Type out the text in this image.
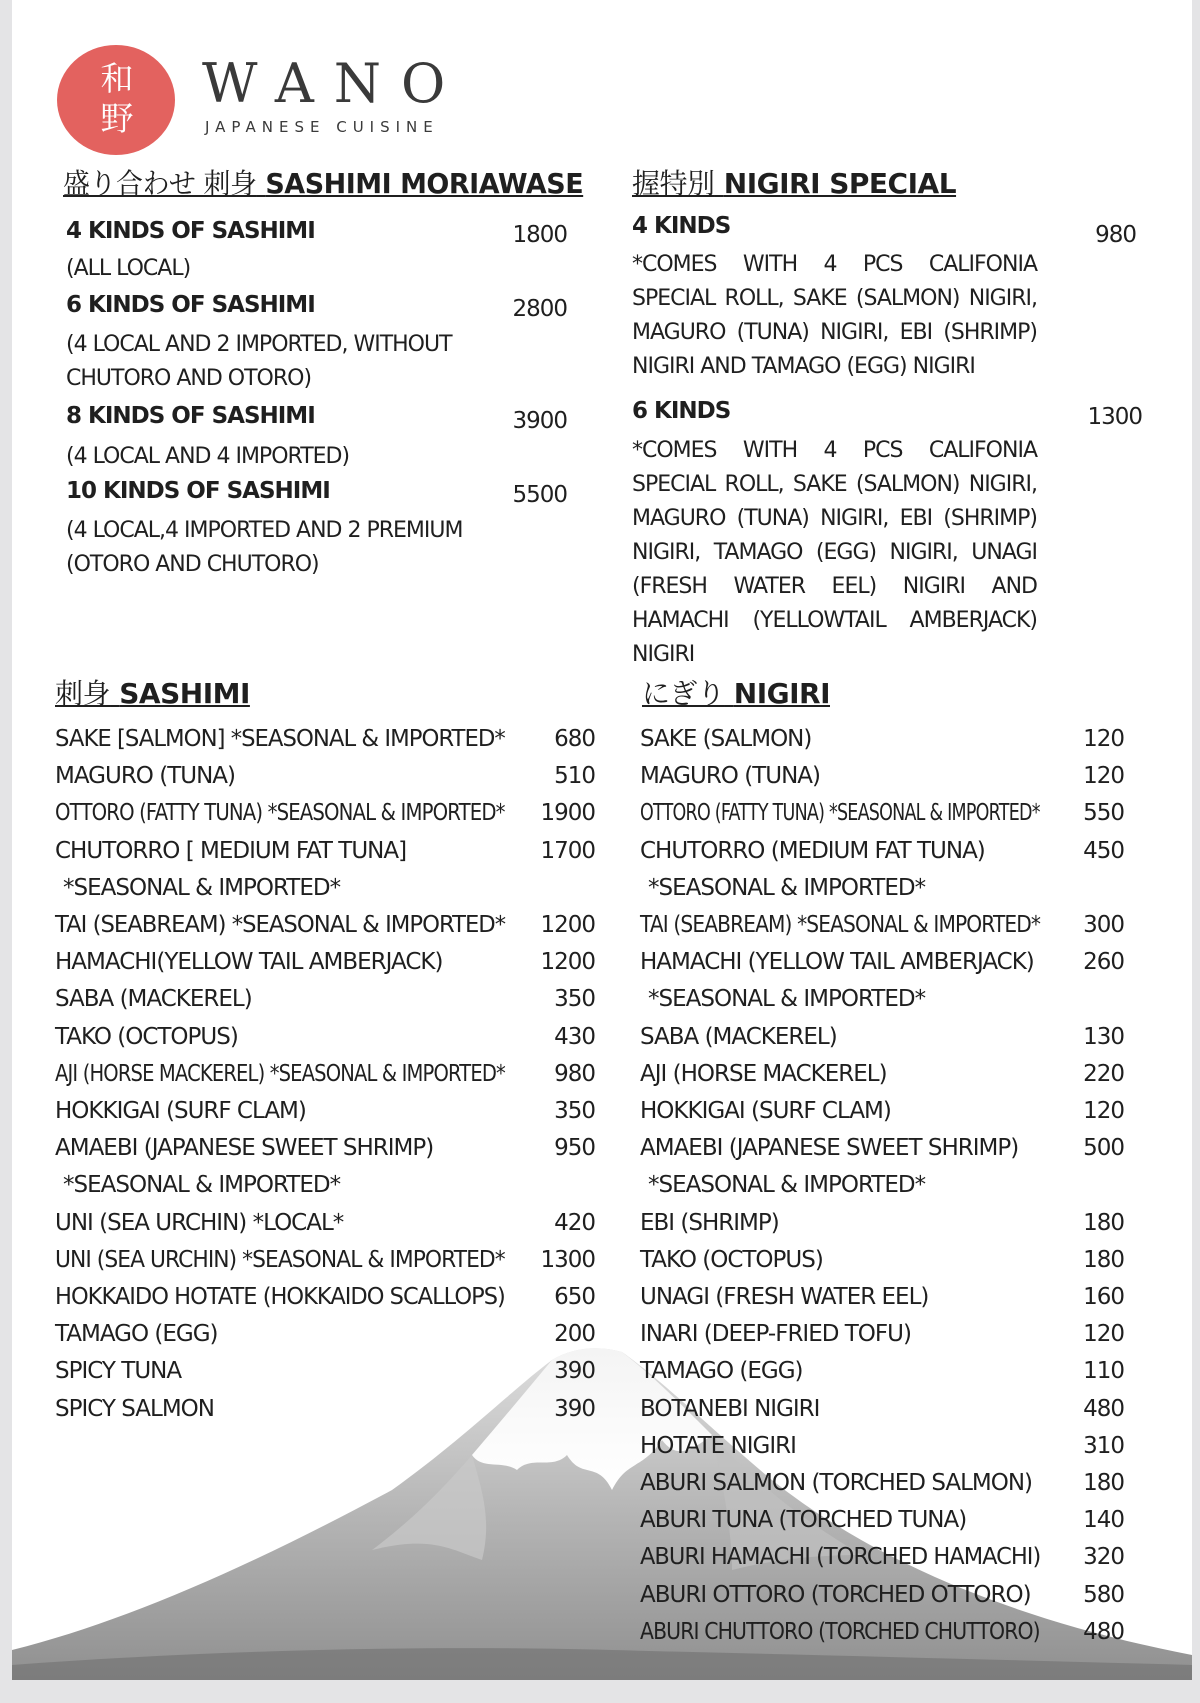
和
野
WANO
JAPANESE CUISINE
盛り合わせ 刺身 SASHIMI MORIAWASE 握特別 NIGIRI SPECIAL
4 KINDS OF SASHIMI	1800
(ALL LOCAL)
6 KINDS OF SASHIMI	2800
(4 LOCAL AND 2 IMPORTED, WITHOUT CHUTORO AND OTORO)
8 KINDS OF SASHIMI	3900
(4 LOCAL AND 4 IMPORTED)
10 KINDS OF SASHIMI	5500
(4 LOCAL,4 IMPORTED AND 2 PREMIUM (OTORO AND CHUTORO)
4 KINDS	980
*COMES WITH 4 PCS CALIFONIA SPECIAL ROLL, SAKE (SALMON) NIGIRI, MAGURO (TUNA) NIGIRI, EBI (SHRIMP) NIGIRI AND TAMAGO (EGG) NIGIRI
6 KINDS	1300
*COMES WITH 4 PCS CALIFONIA SPECIAL ROLL, SAKE (SALMON) NIGIRI, MAGURO (TUNA) NIGIRI, EBI (SHRIMP) NIGIRI, TAMAGO (EGG) NIGIRI, UNAGI (FRESH WATER EEL) NIGIRI AND HAMACHI (YELLOWTAIL AMBERJACK) NIGIRI
刺身 SASHIMI	にぎり NIGIRI
SAKE [SALMON] *SEASONAL & IMPORTED*	680
MAGURO (TUNA)	510
OTTORO (FATTY TUNA) *SEASONAL & IMPORTED*	1900
CHUTORRO [ MEDIUM FAT TUNA]	1700
*SEASONAL & IMPORTED*
TAI (SEABREAM) *SEASONAL & IMPORTED*	1200
HAMACHI(YELLOW TAIL AMBERJACK)	1200
SABA (MACKEREL)	350
TAKO (OCTOPUS)	430
AJI (HORSE MACKEREL) *SEASONAL & IMPORTED*	980
HOKKIGAI (SURF CLAM)	350
AMAEBI (JAPANESE SWEET SHRIMP)	950
*SEASONAL & IMPORTED*
UNI (SEA URCHIN) *LOCAL*	420
UNI (SEA URCHIN) *SEASONAL & IMPORTED*	1300
HOKKAIDO HOTATE (HOKKAIDO SCALLOPS)	650
TAMAGO (EGG)	200
SPICY TUNA	390
SPICY SALMON	390
SAKE (SALMON)	120
MAGURO (TUNA)	120
OTTORO (FATTY TUNA) *SEASONAL & IMPORTED*	550
CHUTORRO (MEDIUM FAT TUNA)	450
*SEASONAL & IMPORTED*
TAI (SEABREAM) *SEASONAL & IMPORTED*	300
HAMACHI (YELLOW TAIL AMBERJACK)	260
*SEASONAL & IMPORTED*
SABA (MACKEREL)	130
AJI (HORSE MACKEREL)	220
HOKKIGAI (SURF CLAM)	120
AMAEBI (JAPANESE SWEET SHRIMP)	500
*SEASONAL & IMPORTED*
EBI (SHRIMP)	180
TAKO (OCTOPUS)	180
UNAGI (FRESH WATER EEL)	160
INARI (DEEP-FRIED TOFU)	120
TAMAGO (EGG)	110
BOTANEBI NIGIRI	480
HOTATE NIGIRI	310
ABURI SALMON (TORCHED SALMON)	180
ABURI TUNA (TORCHED TUNA)	140
ABURI HAMACHI (TORCHED HAMACHI)	320
ABURI OTTORO (TORCHED OTTORO)	580
ABURI CHUTTORO (TORCHED CHUTTORO)	480
